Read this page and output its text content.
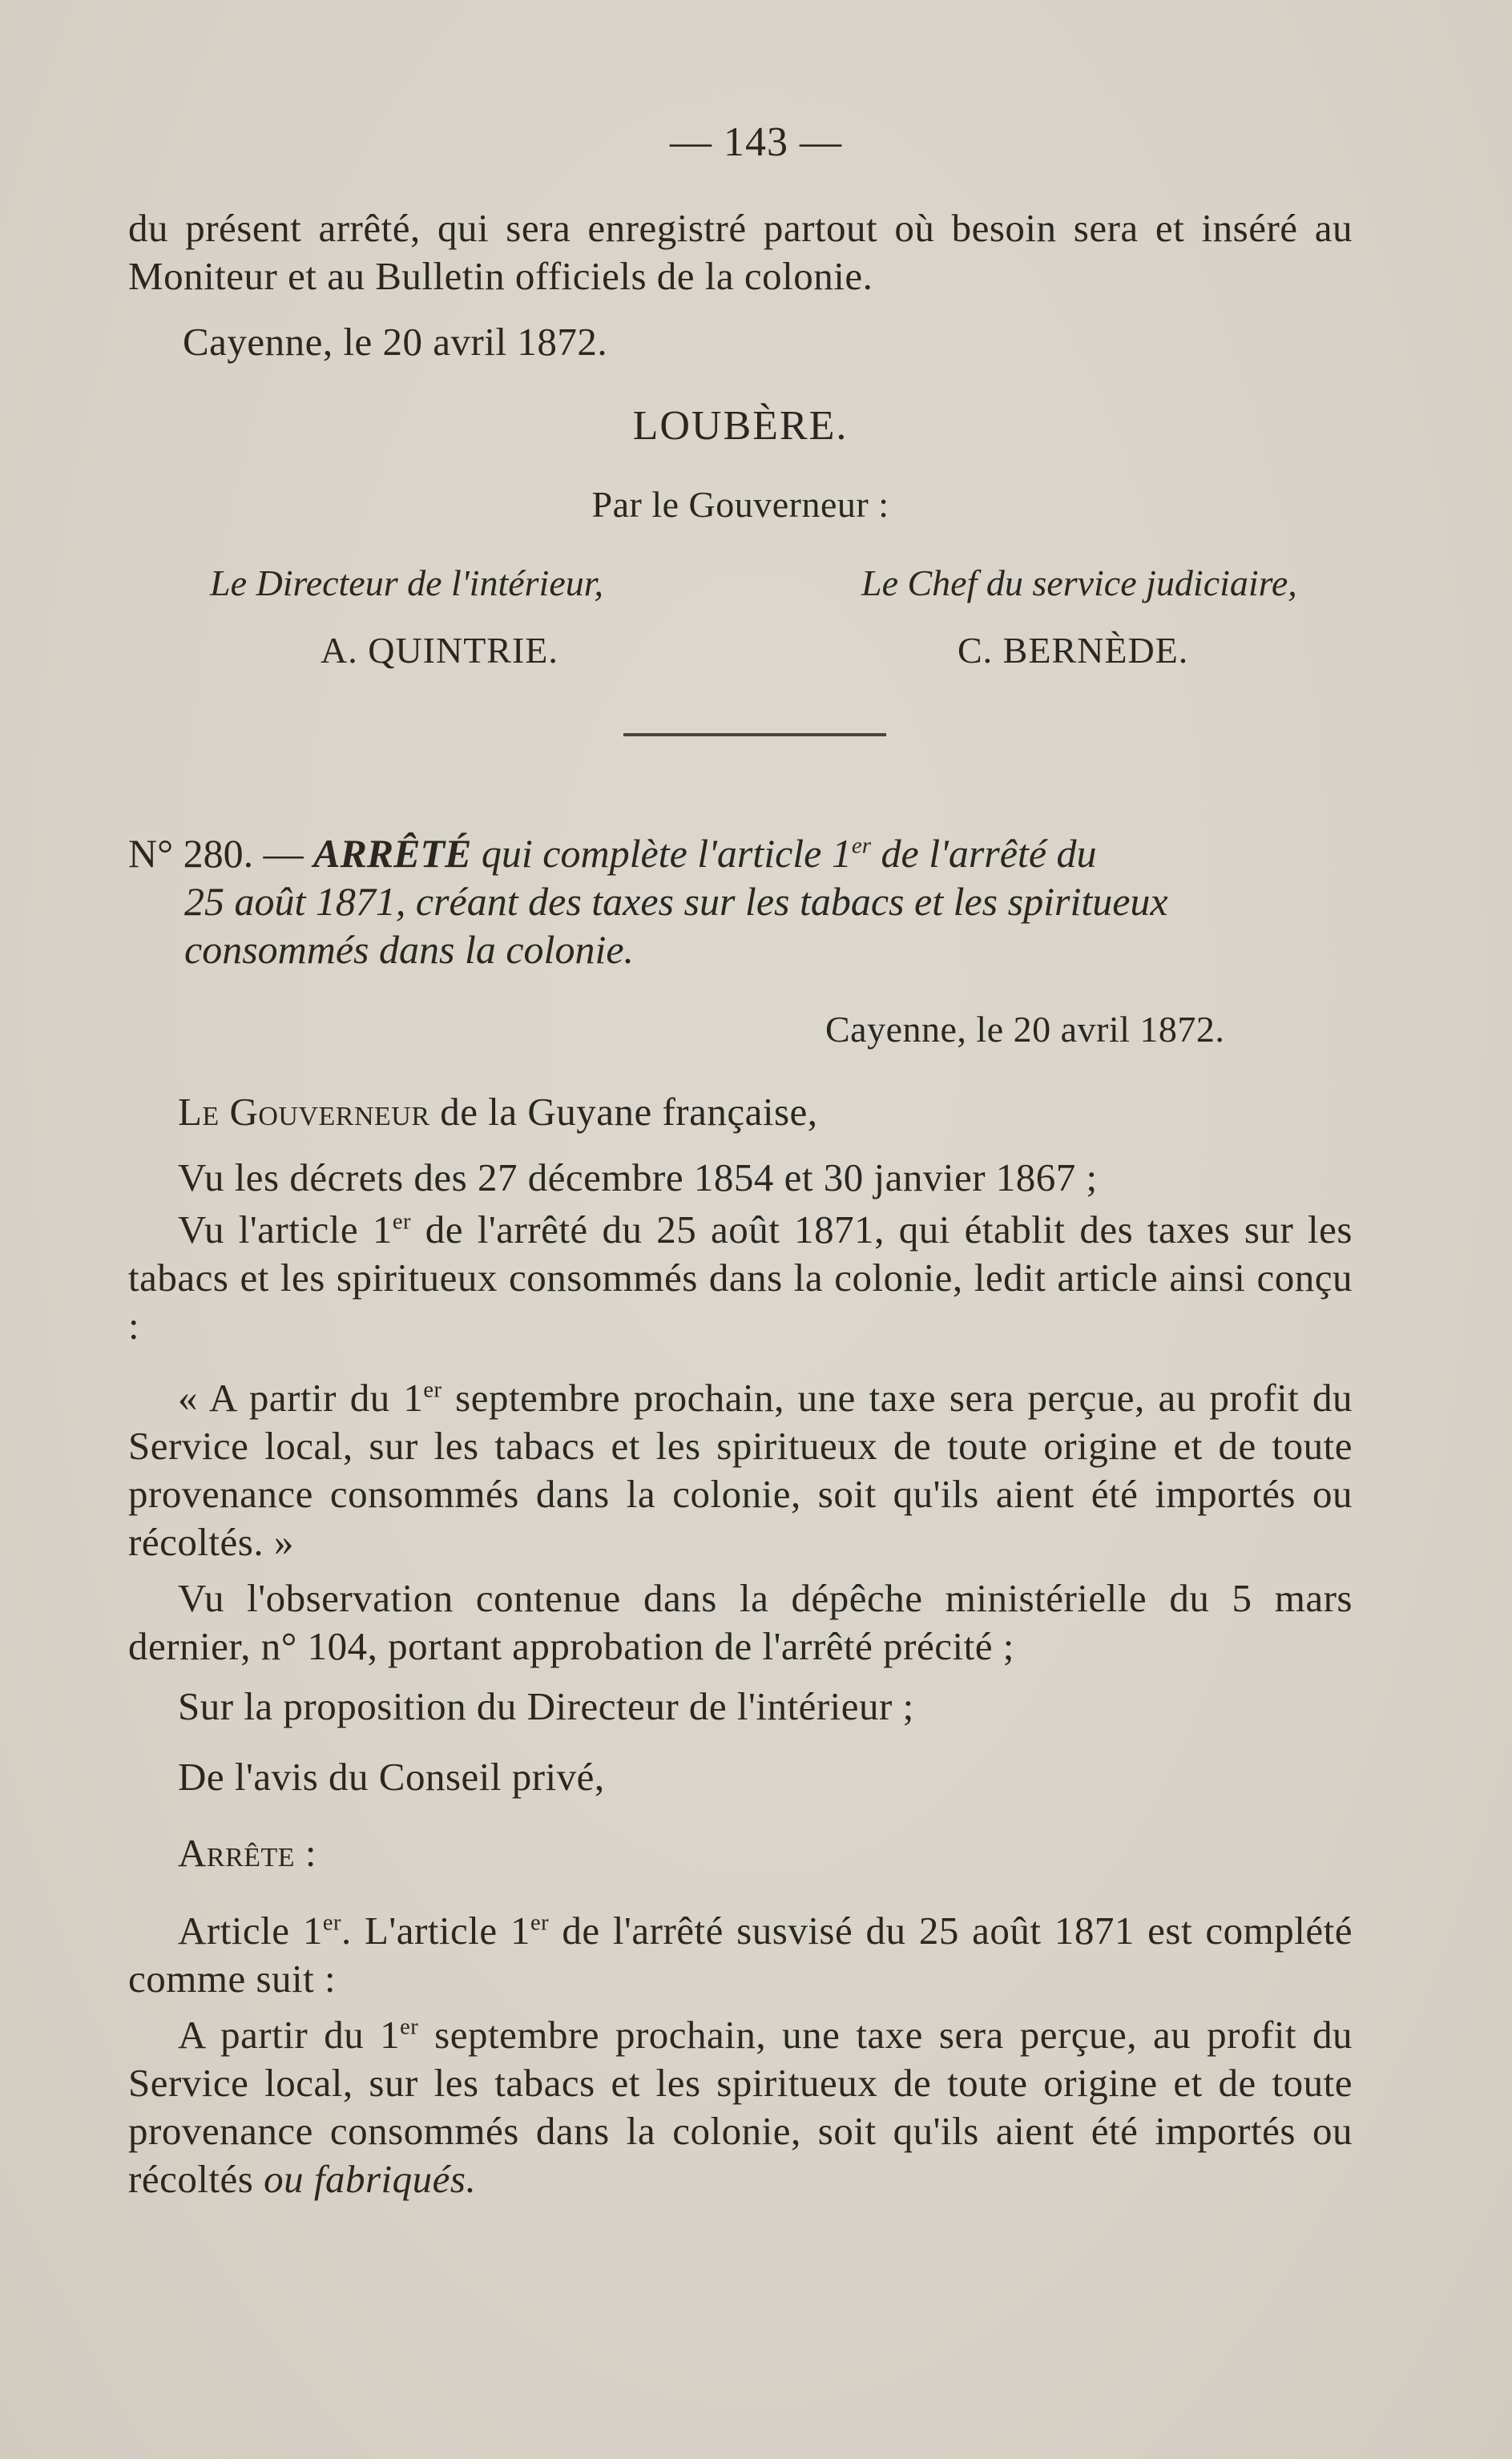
— 143 —
du présent arrêté, qui sera enregistré partout où besoin sera et inséré au Moniteur et au Bulletin officiels de la colonie.
Cayenne, le 20 avril 1872.
LOUBÈRE.
Par le Gouverneur :
Le Directeur de l'intérieur,
A. QUINTRIE.
Le Chef du service judiciaire,
C. BERNÈDE.
N° 280. — ARRÊTÉ qui complète l'article 1er de l'arrêté du
25 août 1871, créant des taxes sur les tabacs et les spiritueux
consommés dans la colonie.
Cayenne, le 20 avril 1872.
Le Gouverneur de la Guyane française,
Vu les décrets des 27 décembre 1854 et 30 janvier 1867 ;
Vu l'article 1er de l'arrêté du 25 août 1871, qui établit des taxes sur les tabacs et les spiritueux consommés dans la colonie, ledit article ainsi conçu :
« A partir du 1er septembre prochain, une taxe sera perçue, au profit du Service local, sur les tabacs et les spiritueux de toute origine et de toute provenance consommés dans la colonie, soit qu'ils aient été importés ou récoltés. »
Vu l'observation contenue dans la dépêche ministérielle du 5 mars dernier, n° 104, portant approbation de l'arrêté précité ;
Sur la proposition du Directeur de l'intérieur ;
De l'avis du Conseil privé,
Arrête :
Article 1er. L'article 1er de l'arrêté susvisé du 25 août 1871 est complété comme suit :
A partir du 1er septembre prochain, une taxe sera perçue, au profit du Service local, sur les tabacs et les spiritueux de toute origine et de toute provenance consommés dans la colonie, soit qu'ils aient été importés ou récoltés ou fabriqués.
